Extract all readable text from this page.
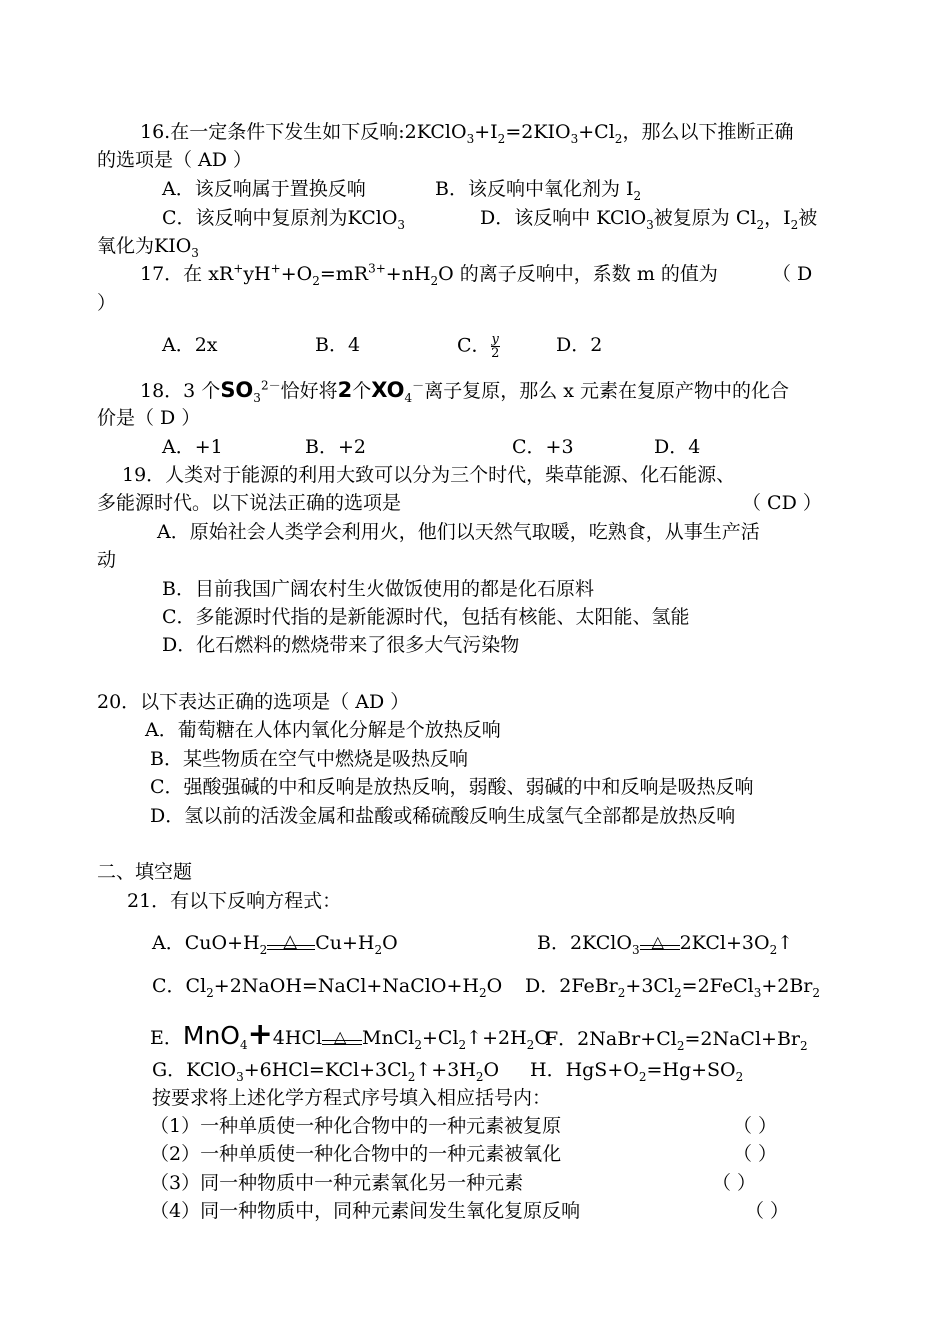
16.在一定条件下发生如下反响$:2KClO_3+I_2=2KIO_3+Cl_2$，那么以下推断正确
的选项是（ AD ）
A．该反响属于置换反响	B．该反响中氧化剂为 $I_2$
C．该反响中复原剂为KClO$_3$	D．该反响中 KClO$_3$被复原为 $Cl_2$，$I_2$被
氧化为$KIO_3$
17．在 $xR^+yH^++O_2=mR^{3+}+nH_2O$ 的离子反响中，系数 m 的值为	（ D
）
A．2x	B．4	C． $\frac{y}{2}$	D．2
18．3 个$SO_3^{2-}$恰好将2个$XO_4^-$离子复原，那么 x 元素在复原产物中的化合
价是（ D ）
A．+1	B．+2	C．+3	D．4
19．人类对于能源的利用大致可以分为三个时代，柴草能源、化石能源、
多能源时代。以下说法正确的选项是	（ CD ）
A．原始社会人类学会利用火，他们以天然气取暖，吃熟食，从事生产活
动
B．目前我国广阔农村生火做饭使用的都是化石原料
C．多能源时代指的是新能源时代，包括有核能、太阳能、氢能
D．化石燃料的燃烧带来了很多大气污染物
20．以下表达正确的选项是（ AD ）
A．葡萄糖在人体内氧化分解是个放热反响
B．某些物质在空气中燃烧是吸热反响
C．强酸强碱的中和反响是放热反响，弱酸、弱碱的中和反响是吸热反响
D．氢以前的活泼金属和盐酸或稀硫酸反响生成氢气全部都是放热反响
二、填空题
21．有以下反响方程式：
A．$CuO+H_2$ △ $Cu+H_2O$	B．2KClO$_3$ △ $2KCl+3O_2↑$
C．$Cl_2+2NaOH=NaCl+NaClO+H_2O$ D．$2FeBr_2+3Cl_2=2FeCl_3+2Br_2$
E．MnO$_4$+4HCl △ $MnCl_2+Cl_2↑+2H_2O$
F．$2NaBr+Cl_2=2NaCl+Br_2$
G．$KClO_3+6HCl=KCl+3Cl_2↑+3H_2O$ H．$HgS+O_2=Hg+SO_2$
按要求将上述化学方程式序号填入相应括号内：
（1）一种单质使一种化合物中的一种元素被复原	（ ）
（2）一种单质使一种化合物中的一种元素被氧化	（ ）
（3）同一种物质中一种元素氧化另一种元素	（ ）
（4）同一种物质中，同种元素间发生氧化复原反响	（ ）
